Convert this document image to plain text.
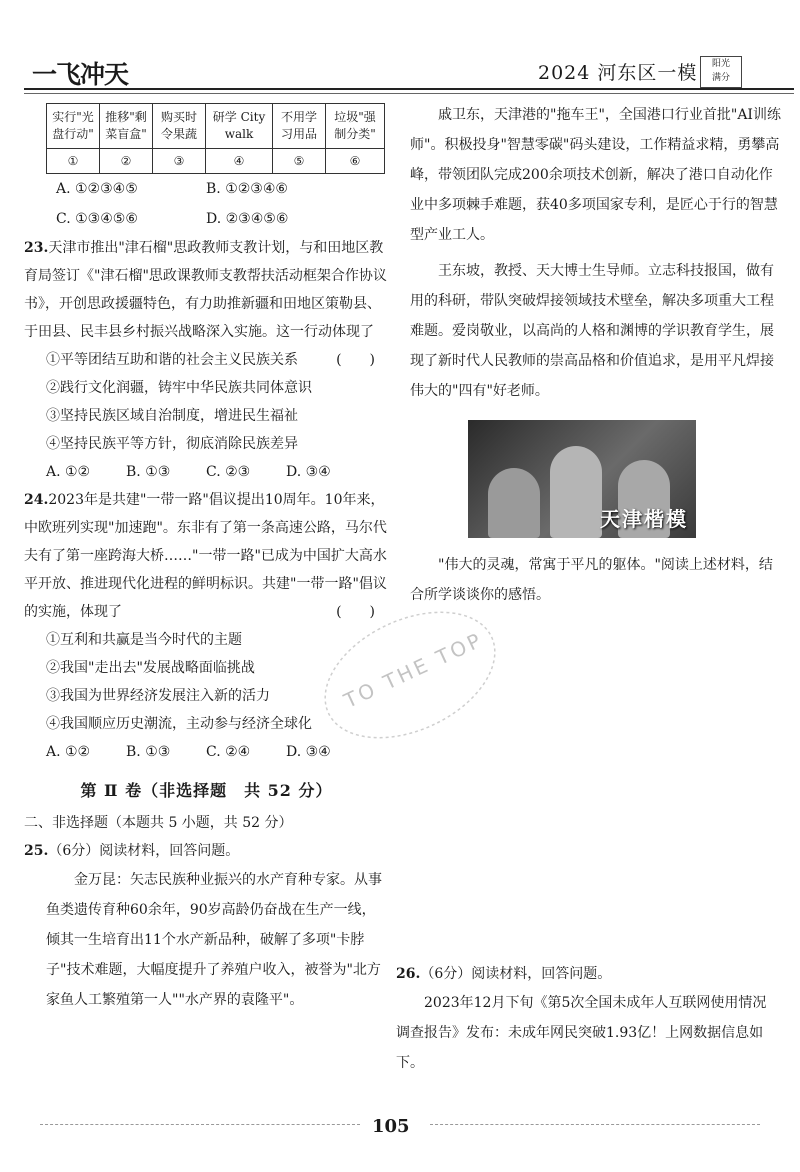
一飞冲天	2024 河东区一模	阳光
满分
实行"光盘行动"	推移"剩菜盲盒"	购买时令果蔬	研学 City walk	不用学习用品	垃圾"强制分类"
①	②	③	④	⑤	⑥
A. ①②③④⑤	B. ①②③④⑥
C. ①③④⑤⑥	D. ②③④⑤⑥
23.天津市推出"津石榴"思政教师支教计划，与和田地区教育局签订《"津石榴"思政课教师支教帮扶活动框架合作协议书》，开创思政援疆特色，有力助推新疆和田地区策勒县、于田县、民丰县乡村振兴战略深入实施。这一行动体现了
(　　)
①平等团结互助和谐的社会主义民族关系
②践行文化润疆，铸牢中华民族共同体意识
③坚持民族区域自治制度，增进民生福祉
④坚持民族平等方针，彻底消除民族差异
A. ①②	B. ①③	C. ②③	D. ③④
24.2023年是共建"一带一路"倡议提出10周年。10年来，中欧班列实现"加速跑"。东非有了第一条高速公路，马尔代夫有了第一座跨海大桥……"一带一路"已成为中国扩大高水平开放、推进现代化进程的鲜明标识。共建"一带一路"倡议的实施，体现了	(　　)
①互利和共赢是当今时代的主题
②我国"走出去"发展战略面临挑战
③我国为世界经济发展注入新的活力
④我国顺应历史潮流，主动参与经济全球化
A. ①②	B. ①③	C. ②④	D. ③④
第 Ⅱ 卷（非选择题　共 52 分）
二、非选择题（本题共 5 小题，共 52 分）
25.（6分）阅读材料，回答问题。
金万昆：矢志民族种业振兴的水产育种专家。从事鱼类遗传育种60余年，90岁高龄仍奋战在生产一线，倾其一生培育出11个水产新品种，破解了多项"卡脖子"技术难题，大幅度提升了养殖户收入，被誉为"北方家鱼人工繁殖第一人""水产界的袁隆平"。
戚卫东，天津港的"拖车王"，全国港口行业首批"AI训练师"。积极投身"智慧零碳"码头建设，工作精益求精，勇攀高峰，带领团队完成200余项技术创新，解决了港口自动化作业中多项棘手难题，获40多项国家专利，是匠心于行的智慧型产业工人。
王东坡，教授、天大博士生导师。立志科技报国，做有用的科研，带队突破焊接领域技术壁垒，解决多项重大工程难题。爱岗敬业，以高尚的人格和渊博的学识教育学生，展现了新时代人民教师的崇高品格和价值追求，是用平凡焊接伟大的"四有"好老师。
天津楷模
"伟大的灵魂，常寓于平凡的躯体。"阅读上述材料，结合所学谈谈你的感悟。
TO THE TOP
26.（6分）阅读材料，回答问题。
2023年12月下旬《第5次全国未成年人互联网使用情况调查报告》发布：未成年网民突破1.93亿！上网数据信息如下。
105
